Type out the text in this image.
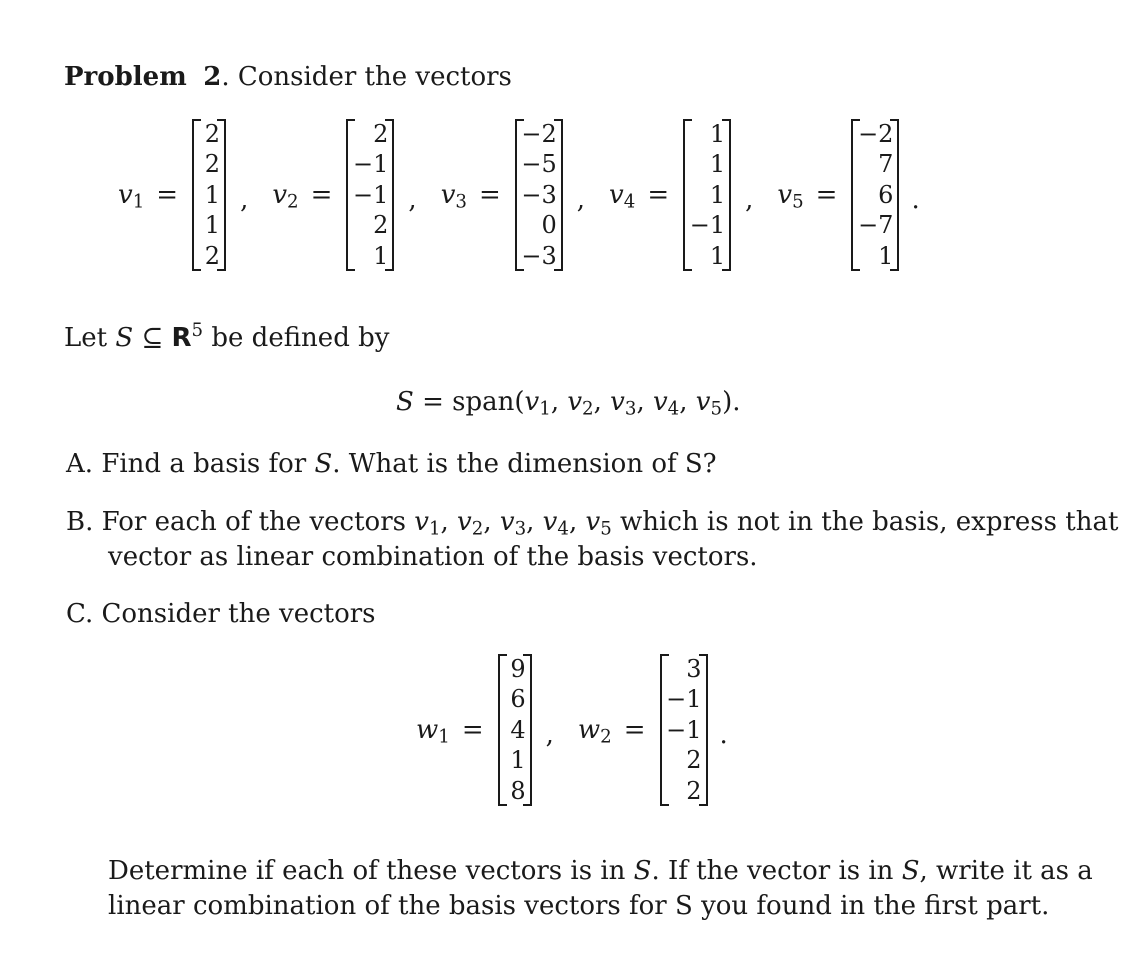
Problem 2. Consider the vectors
$v_1$ =
2
2
1
1
2
, $v_2$ =
2
−1
−1
2
1
, $v_3$ =
−2
−5
−3
0
−3
, $v_4$ =
1
1
1
−1
1
, $v_5$ =
−2
7
6
−7
1
.
Let S ⊆ $R^5$ be defined by
$S = span(v_1$, $v_2$, $v_3$, $v_4$, $v_5$).
A. Find a basis for S. What is the dimension of S?
B. For each of the vectors $v_1$, $v_2$, $v_3$, $v_4$, $v_5$ which is not in the basis, express that
vector as linear combination of the basis vectors.
C. Consider the vectors
$w_1$ =
9
6
4
1
8
, $w_2$ =
3
−1
−1
2
2
.
Determine if each of these vectors is in S. If the vector is in S, write it as a
linear combination of the basis vectors for S you found in the first part.
